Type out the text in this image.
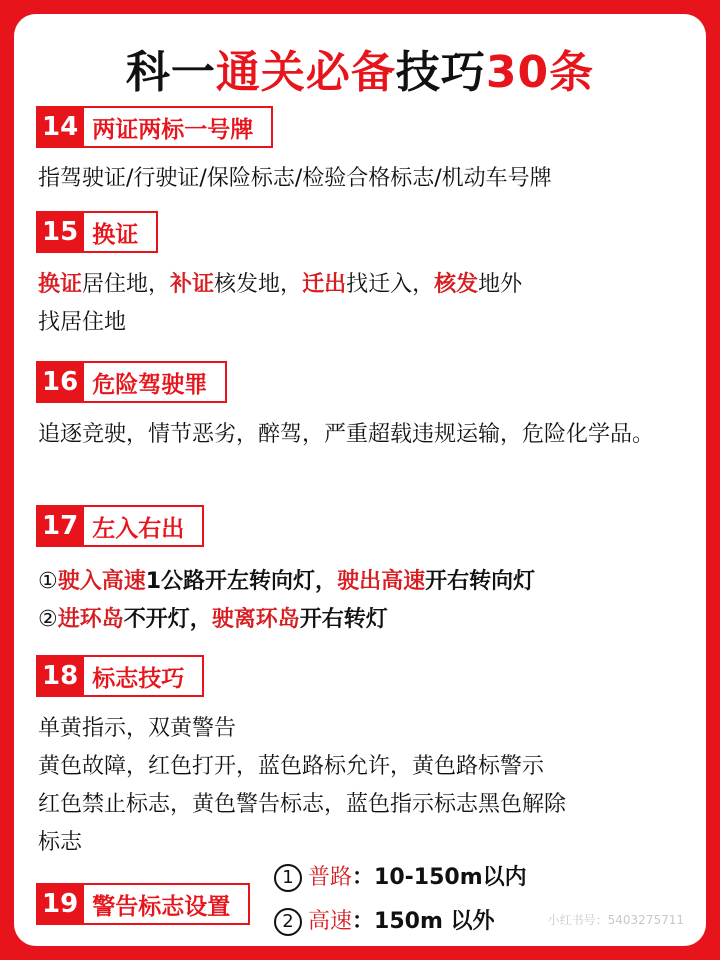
科一通关必备技巧30条
14 两证两标一号牌
指驾驶证/行驶证/保险标志/检验合格标志/机动车号牌
15 换证
换证居住地，补证核发地，迁出找迁入，核发地外
找居住地
16 危险驾驶罪
追逐竞驶，情节恶劣，醉驾，严重超载违规运输，危险化学品。
17 左入右出
①驶入高速1公路开左转向灯，驶出高速开右转向灯
②进环岛不开灯，驶离环岛开右转灯
18 标志技巧
单黄指示，双黄警告
黄色故障，红色打开，蓝色路标允许，黄色路标警示
红色禁止标志，黄色警告标志，蓝色指示标志黑色解除
标志
19 警告标志设置
1 普路：10-150m以内
2 高速：150m 以外	小红书号：5403275711
